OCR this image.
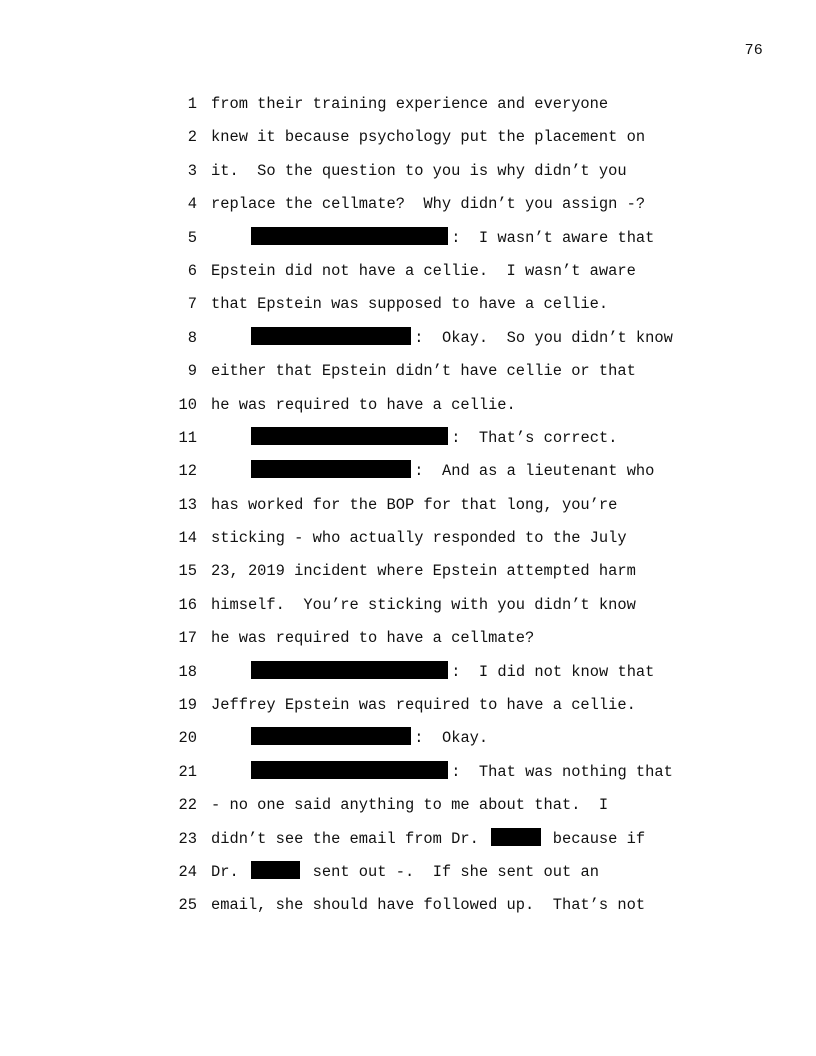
76
1 from their training experience and everyone
2 knew it because psychology put the placement on
3 it.  So the question to you is why didn’t you
4 replace the cellmate?  Why didn’t you assign -?
5	:  I wasn’t aware that
6 Epstein did not have a cellie.  I wasn’t aware
7 that Epstein was supposed to have a cellie.
8	:  Okay.  So you didn’t know
9 either that Epstein didn’t have cellie or that
10 he was required to have a cellie.
11	:  That’s correct.
12	:  And as a lieutenant who
13 has worked for the BOP for that long, you’re
14 sticking - who actually responded to the July
15 23, 2019 incident where Epstein attempted harm
16 himself.  You’re sticking with you didn’t know
17 he was required to have a cellmate?
18	:  I did not know that
19 Jeffrey Epstein was required to have a cellie.
20	:  Okay.
21	:  That was nothing that
22 - no one said anything to me about that.  I
23 didn’t see the email from Dr.	because if
24 Dr.	sent out -.  If she sent out an
25 email, she should have followed up.  That’s not
